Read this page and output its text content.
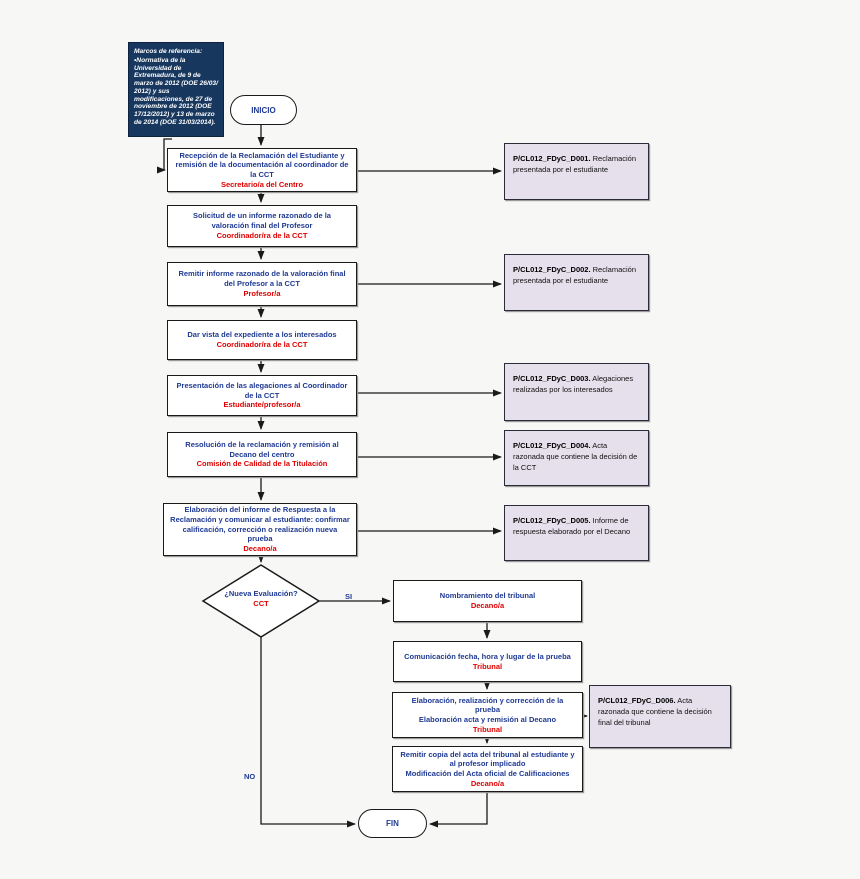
Marcos de referencia:
•Normativa de la Universidad de Extremadura, de 9 de marzo de 2012 (DOE 26/03/ 2012) y sus modificaciones, de 27 de noviembre de 2012 (DOE 17/12/2012) y 13 de marzo de 2014 (DOE 31/03/2014).
INICIO
FIN
Recepción de la Reclamación del Estudiante y remisión de la documentación al coordinador de la CCT
Secretario/a del Centro
Solicitud de un informe razonado de la valoración final del Profesor
Coordinador/ra de la CCT
Remitir informe razonado de la valoración final del Profesor a la CCT
Profesor/a
Dar vista del expediente a los interesados
Coordinador/ra de la CCT
Presentación de las alegaciones al Coordinador de la CCT
Estudiante/profesor/a
Resolución de la reclamación y remisión al Decano del centro
Comisión de Calidad de la Titulación
Elaboración del informe de Respuesta a la Reclamación y comunicar al estudiante: confirmar calificación, corrección o realización nueva prueba
Decano/a
¿Nueva Evaluación?
CCT
SI
NO
Nombramiento del tribunal
Decano/a
Comunicación fecha, hora y lugar de la prueba
Tribunal
Elaboración, realización y corrección de la prueba
Elaboración acta y remisión al Decano
Tribunal
Remitir copia del acta del tribunal al estudiante y al profesor implicado
Modificación del Acta oficial de Calificaciones
Decano/a
P/CL012_FDyC_D001. Reclamación presentada por el estudiante
P/CL012_FDyC_D002. Reclamación presentada por el estudiante
P/CL012_FDyC_D003. Alegaciones realizadas por los interesados
P/CL012_FDyC_D004. Acta razonada que contiene la decisión de la CCT
P/CL012_FDyC_D005. Informe de respuesta elaborado por el Decano
P/CL012_FDyC_D006. Acta razonada que contiene la decisión final del tribunal
